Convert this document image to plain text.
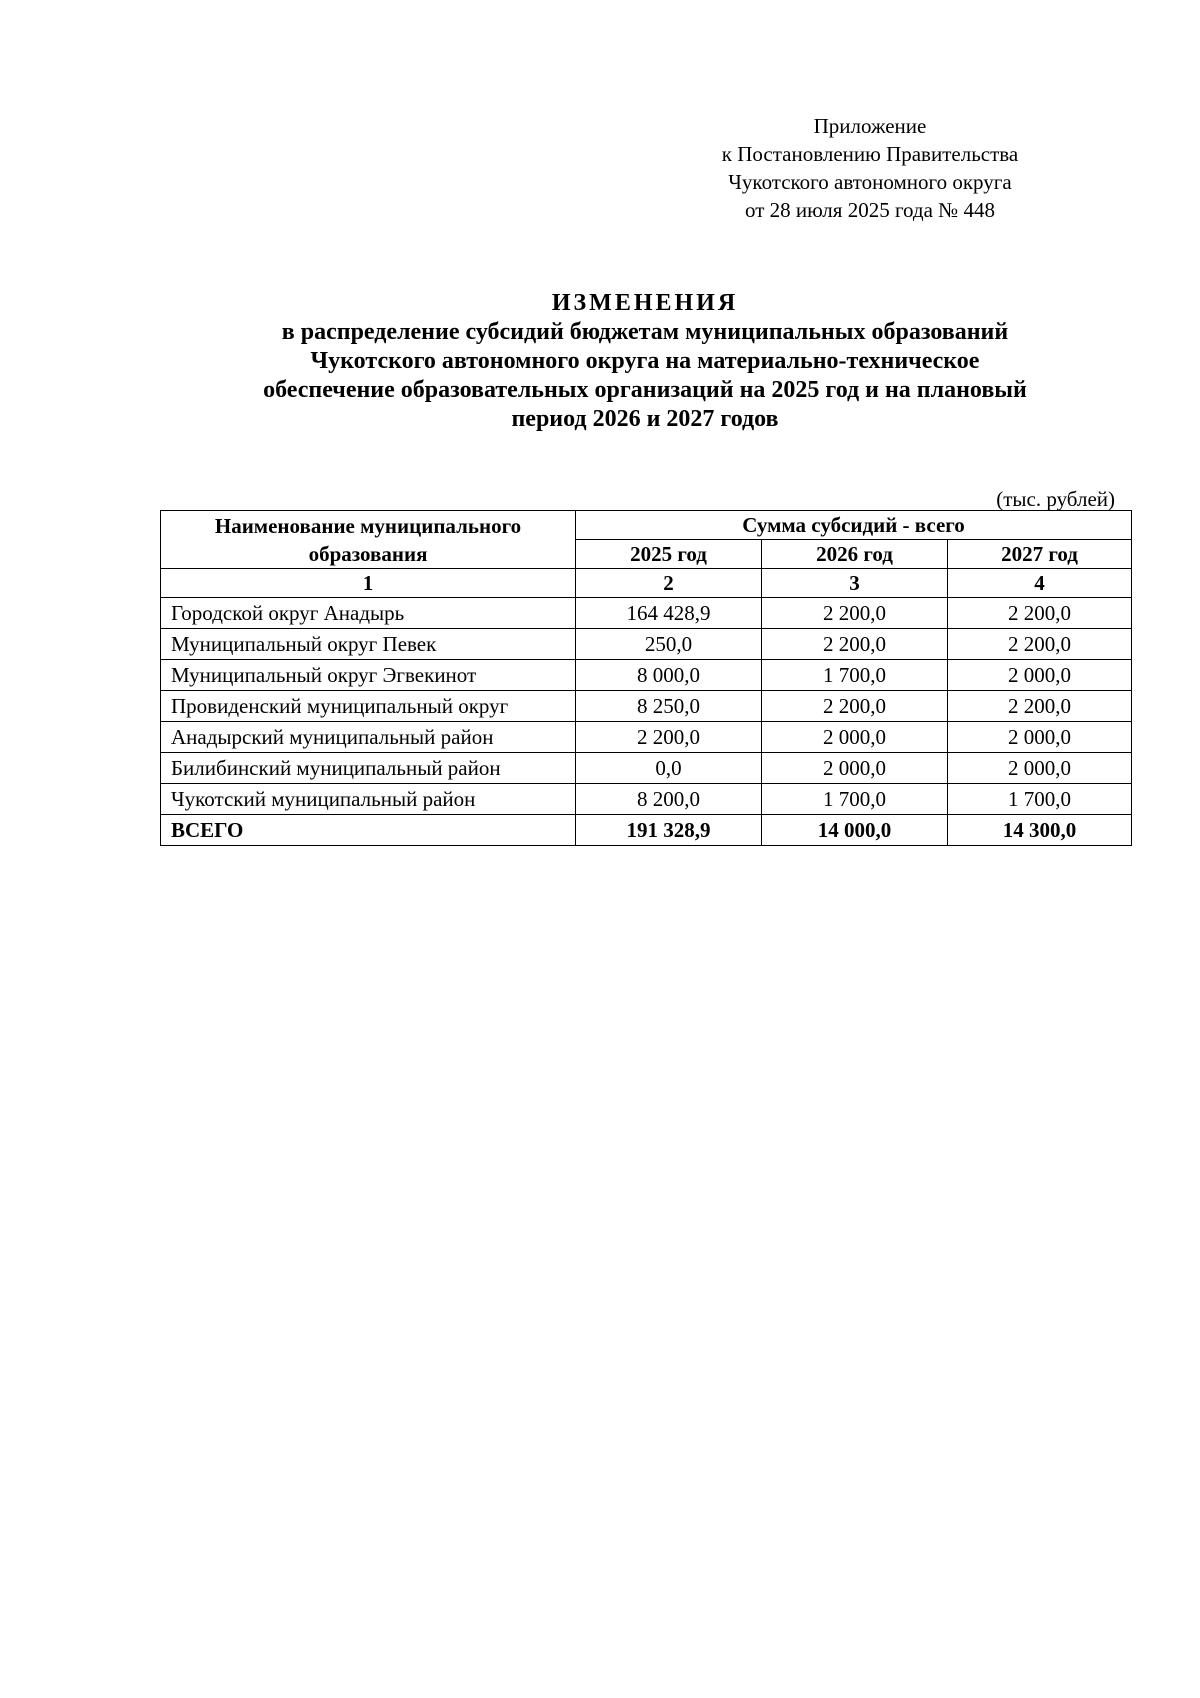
Приложение
к Постановлению Правительства
Чукотского автономного округа
от 28 июля 2025 года № 448
ИЗМЕНЕНИЯ
в распределение субсидий бюджетам муниципальных образований
Чукотского автономного округа на материально-техническое
обеспечение образовательных организаций на 2025 год и на плановый
период 2026 и 2027 годов
(тыс. рублей)
Наименование муниципального образования	Сумма субсидий - всего		
	2025 год	2026 год	2027 год
1	2	3	4
Городской округ Анадырь	164 428,9	2 200,0	2 200,0
Муниципальный округ Певек	250,0	2 200,0	2 200,0
Муниципальный округ Эгвекинот	8 000,0	1 700,0	2 000,0
Провиденский муниципальный округ	8 250,0	2 200,0	2 200,0
Анадырский муниципальный район	2 200,0	2 000,0	2 000,0
Билибинский муниципальный район	0,0	2 000,0	2 000,0
Чукотский муниципальный район	8 200,0	1 700,0	1 700,0
ВСЕГО	191 328,9	14 000,0	14 300,0
